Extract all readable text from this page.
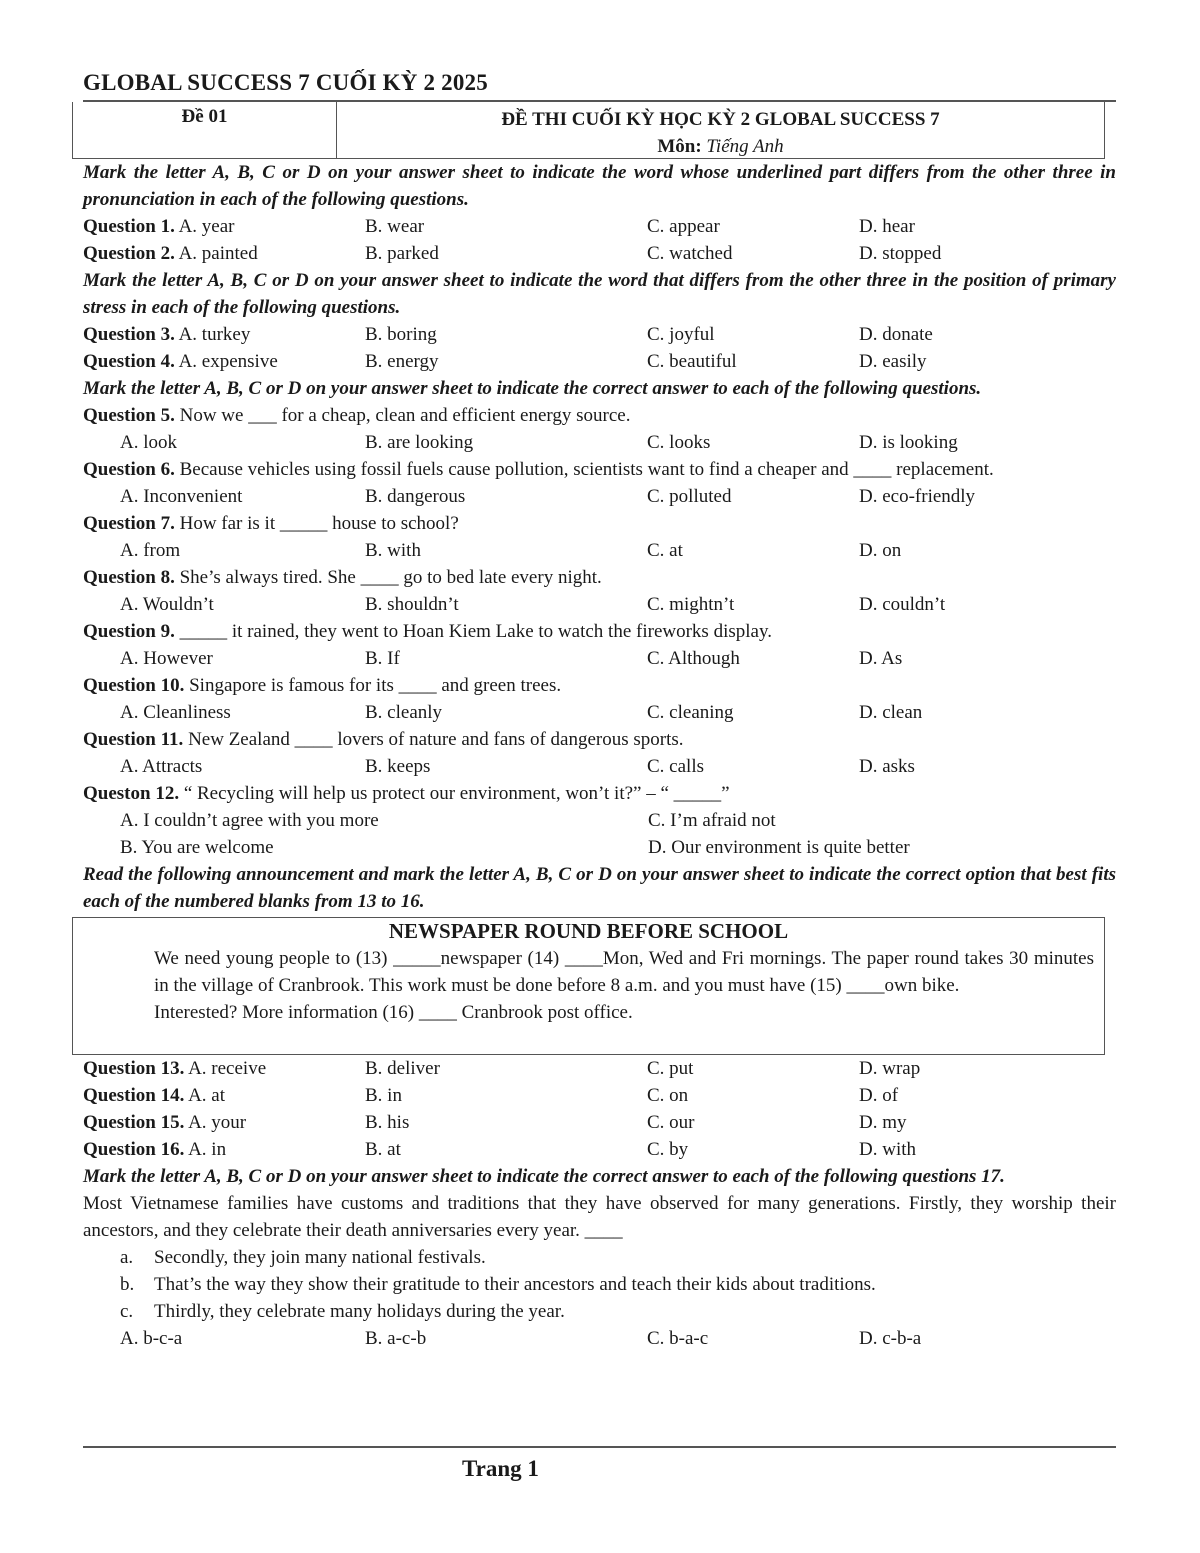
GLOBAL SUCCESS 7 CUỐI KỲ 2 2025
Đề 01	ĐỀ THI CUỐI KỲ HỌC KỲ 2 GLOBAL SUCCESS 7
Môn: Tiếng Anh
Mark the letter A, B, C or D on your answer sheet to indicate the word whose underlined part differs from the other three in pronunciation in each of the following questions.
Question 1. A. year	B. wear	C. appear	D. hear
Question 2. A. painted	B. parked	C. watched	D. stopped
Mark the letter A, B, C or D on your answer sheet to indicate the word that differs from the other three in the position of primary stress in each of the following questions.
Question 3. A. turkey	B. boring	C. joyful	D. donate
Question 4. A. expensive	B. energy	C. beautiful	D. easily
Mark the letter A, B, C or D on your answer sheet to indicate the correct answer to each of the following questions.
Question 5. Now we ___ for a cheap, clean and efficient energy source.
A. look	B. are looking	C. looks	D. is looking
Question 6. Because vehicles using fossil fuels cause pollution, scientists want to find a cheaper and ____ replacement.
A. Inconvenient	B. dangerous	C. polluted	D. eco-friendly
Question 7. How far is it _____ house to school?
A. from	B. with	C. at	D. on
Question 8. She’s always tired. She ____ go to bed late every night.
A. Wouldn’t	B. shouldn’t	C. mightn’t	D. couldn’t
Question 9. _____ it rained, they went to Hoan Kiem Lake to watch the fireworks display.
A. However	B. If	C. Although	D. As
Question 10. Singapore is famous for its ____ and green trees.
A. Cleanliness	B. cleanly	C. cleaning	D. clean
Question 11. New Zealand ____ lovers of nature and fans of dangerous sports.
A. Attracts	B. keeps	C. calls	D. asks
Queston 12. “ Recycling will help us protect our environment, won’t it?” – “ _____”
A. I couldn’t agree with you more	C. I’m afraid not
B. You are welcome	D. Our environment is quite better
Read the following announcement and mark the letter A, B, C or D on your answer sheet to indicate the correct option that best fits each of the numbered blanks from 13 to 16.
NEWSPAPER ROUND BEFORE SCHOOL
We need young people to (13) _____newspaper (14) ____Mon, Wed and Fri mornings. The paper round takes 30 minutes in the village of Cranbrook. This work must be done before 8 a.m. and you must have (15) ____own bike.
Interested? More information (16) ____ Cranbrook post office.
Question 13. A. receive	B. deliver	C. put	D. wrap
Question 14. A. at	B. in	C. on	D. of
Question 15. A. your	B. his	C. our	D. my
Question 16. A. in	B. at	C. by	D. with
Mark the letter A, B, C or D on your answer sheet to indicate the correct answer to each of the following questions 17.
Most Vietnamese families have customs and traditions that they have observed for many generations. Firstly, they worship their ancestors, and they celebrate their death anniversaries every year. ____
a. Secondly, they join many national festivals.
b. That’s the way they show their gratitude to their ancestors and teach their kids about traditions.
c. Thirdly, they celebrate many holidays during the year.
A. b-c-a	B. a-c-b	C. b-a-c	D. c-b-a
Trang 1
